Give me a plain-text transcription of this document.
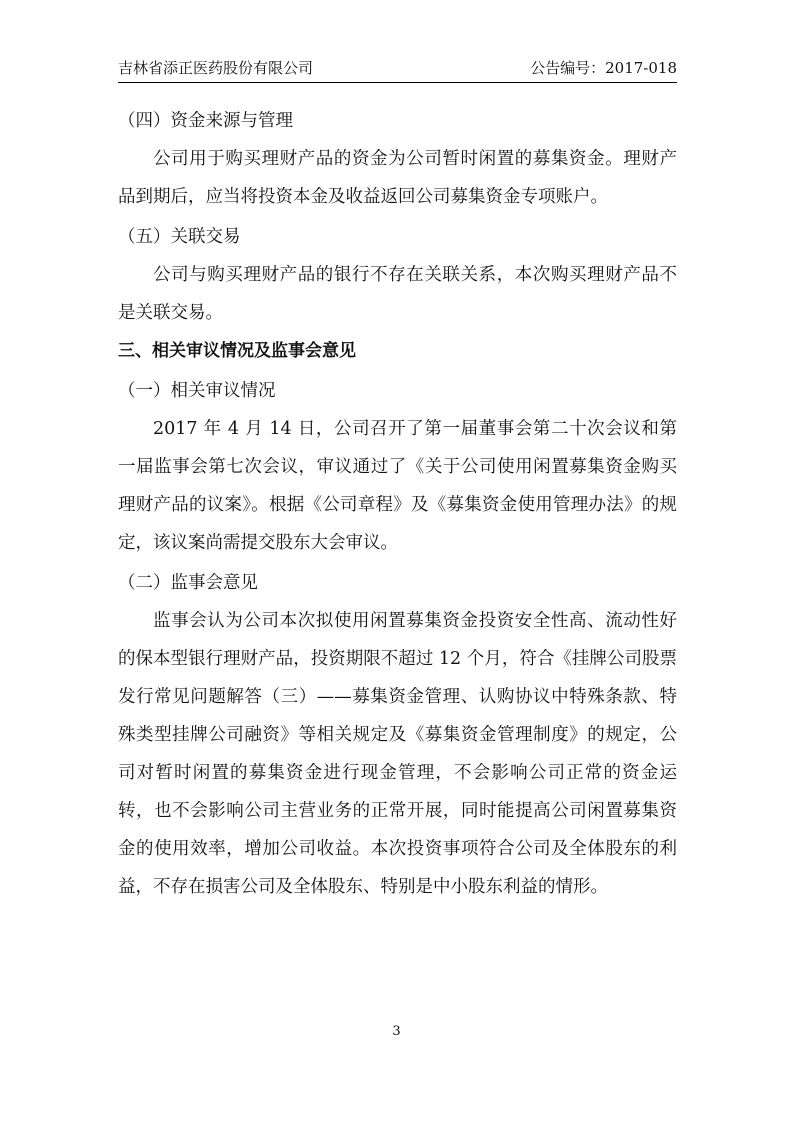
吉林省添正医药股份有限公司	公告编号：2017-018

（四）资金来源与管理

公司用于购买理财产品的资金为公司暂时闲置的募集资金。理财产品到期后，应当将投资本金及收益返回公司募集资金专项账户。

（五）关联交易

公司与购买理财产品的银行不存在关联关系，本次购买理财产品不是关联交易。

三、相关审议情况及监事会意见

（一）相关审议情况

2017 年 4 月 14 日，公司召开了第一届董事会第二十次会议和第一届监事会第七次会议，审议通过了《关于公司使用闲置募集资金购买理财产品的议案》。根据《公司章程》及《募集资金使用管理办法》的规定，该议案尚需提交股东大会审议。

（二）监事会意见

监事会认为公司本次拟使用闲置募集资金投资安全性高、流动性好的保本型银行理财产品，投资期限不超过 12 个月，符合《挂牌公司股票发行常见问题解答（三）——募集资金管理、认购协议中特殊条款、特殊类型挂牌公司融资》等相关规定及《募集资金管理制度》的规定，公司对暂时闲置的募集资金进行现金管理，不会影响公司正常的资金运转，也不会影响公司主营业务的正常开展，同时能提高公司闲置募集资金的使用效率，增加公司收益。本次投资事项符合公司及全体股东的利益，不存在损害公司及全体股东、特别是中小股东利益的情形。

3
